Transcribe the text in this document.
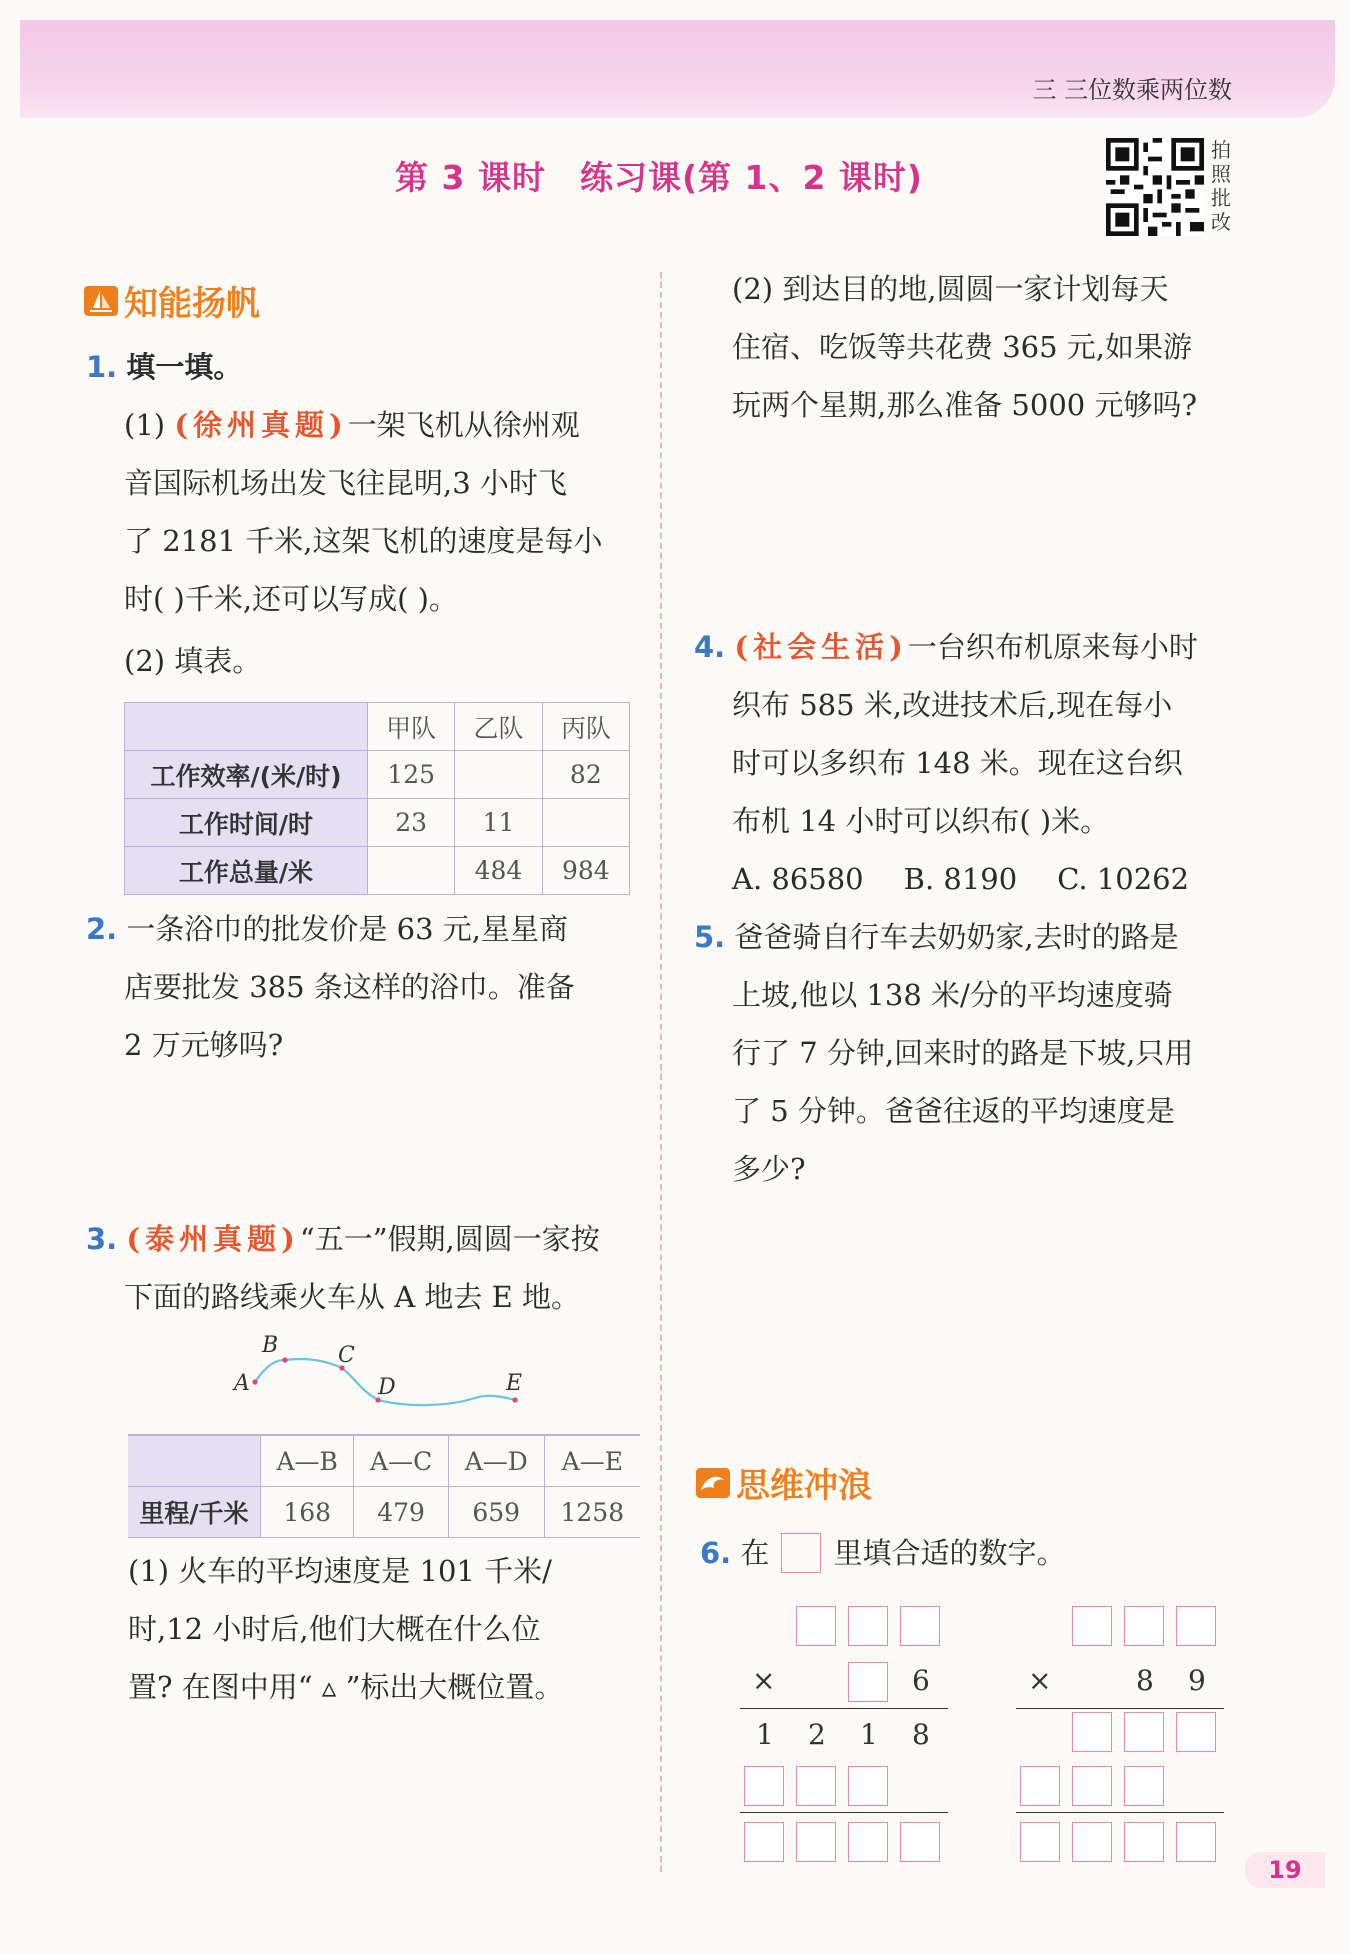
三 三位数乘两位数
第 3 课时 练习课(第 1、2 课时)
拍照批改
知能扬帆
1. 填一填。
(1) (徐州真题)一架飞机从徐州观
音国际机场出发飞往昆明,3 小时飞
了 2181 千米,这架飞机的速度是每小
时( )千米,还可以写成( )。
(2) 填表。
	甲队	乙队	丙队
工作效率/(米/时)	125		82
工作时间/时	23	11	
工作总量/米		484	984
2. 一条浴巾的批发价是 63 元,星星商
店要批发 385 条这样的浴巾。准备
2 万元够吗?
3. (泰州真题)“五一”假期,圆圆一家按
下面的路线乘火车从 A 地去 E 地。
A
B	C
D	E
	A—B	A—C	A—D	A—E
里程/千米	168	479	659	1258
(1) 火车的平均速度是 101 千米/
时,12 小时后,他们大概在什么位
置? 在图中用“ ▵ ”标出大概位置。
(2) 到达目的地,圆圆一家计划每天
住宿、吃饭等共花费 365 元,如果游
玩两个星期,那么准备 5000 元够吗?
4. (社会生活)一台织布机原来每小时
织布 585 米,改进技术后,现在每小
时可以多织布 148 米。现在这台织
布机 14 小时可以织布( )米。
A. 86580 B. 8190 C. 10262
5. 爸爸骑自行车去奶奶家,去时的路是
上坡,他以 138 米/分的平均速度骑
行了 7 分钟,回来时的路是下坡,只用
了 5 分钟。爸爸往返的平均速度是
多少?
思维冲浪
6.
在 里填合适的数字。
×	6
1 2 1 8
×	8 9
19
